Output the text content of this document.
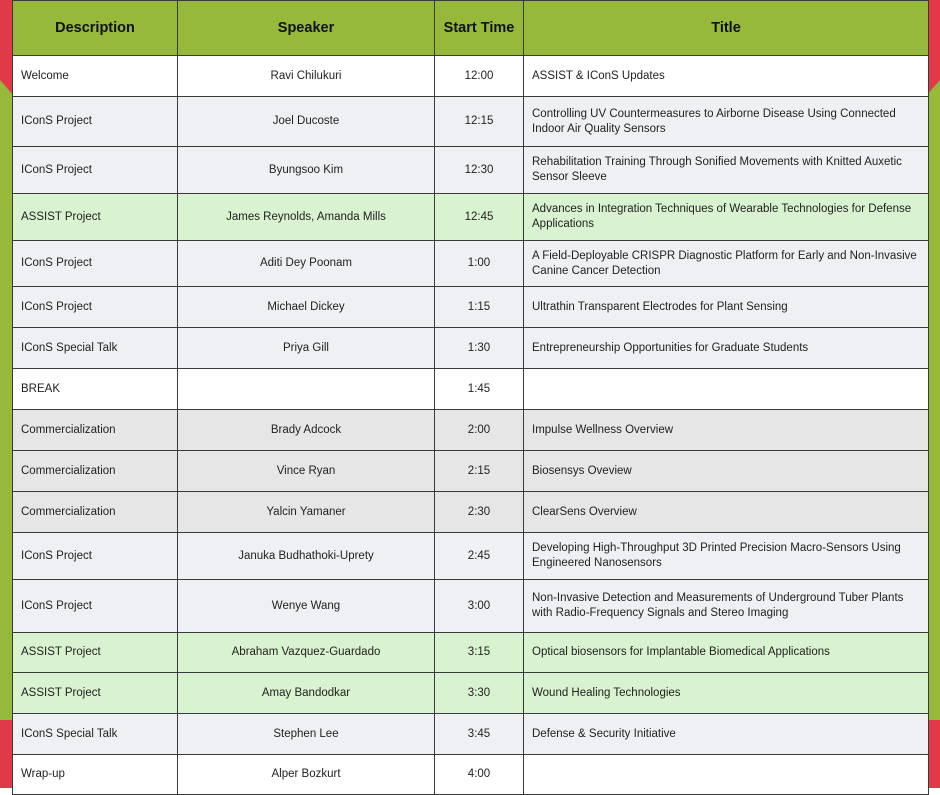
Description	Speaker	Start Time	Title
Welcome	Ravi Chilukuri	12:00	ASSIST & IConS Updates
IConS Project	Joel Ducoste	12:15	Controlling UV Countermeasures to Airborne Disease Using Connected Indoor Air Quality Sensors
IConS Project	Byungsoo Kim	12:30	Rehabilitation Training Through Sonified Movements with Knitted Auxetic Sensor Sleeve
ASSIST Project	James Reynolds, Amanda Mills	12:45	Advances in Integration Techniques of Wearable Technologies for Defense Applications
IConS Project	Aditi Dey Poonam	1:00	A Field-Deployable CRISPR Diagnostic Platform for Early and Non-Invasive Canine Cancer Detection
IConS Project	Michael Dickey	1:15	Ultrathin Transparent Electrodes for Plant Sensing
IConS Special Talk	Priya Gill	1:30	Entrepreneurship Opportunities for Graduate Students
BREAK		1:45	
Commercialization	Brady Adcock	2:00	Impulse Wellness Overview
Commercialization	Vince Ryan	2:15	Biosensys Oveview
Commercialization	Yalcin Yamaner	2:30	ClearSens Overview
IConS Project	Januka Budhathoki-Uprety	2:45	Developing High-Throughput 3D Printed Precision Macro-Sensors Using Engineered Nanosensors
IConS Project	Wenye Wang	3:00	Non-Invasive Detection and Measurements of Underground Tuber Plants with Radio-Frequency Signals and Stereo Imaging
ASSIST Project	Abraham Vazquez-Guardado	3:15	Optical biosensors for Implantable Biomedical Applications
ASSIST Project	Amay Bandodkar	3:30	Wound Healing Technologies
IConS Special Talk	Stephen Lee	3:45	Defense & Security Initiative
Wrap-up	Alper Bozkurt	4:00	
